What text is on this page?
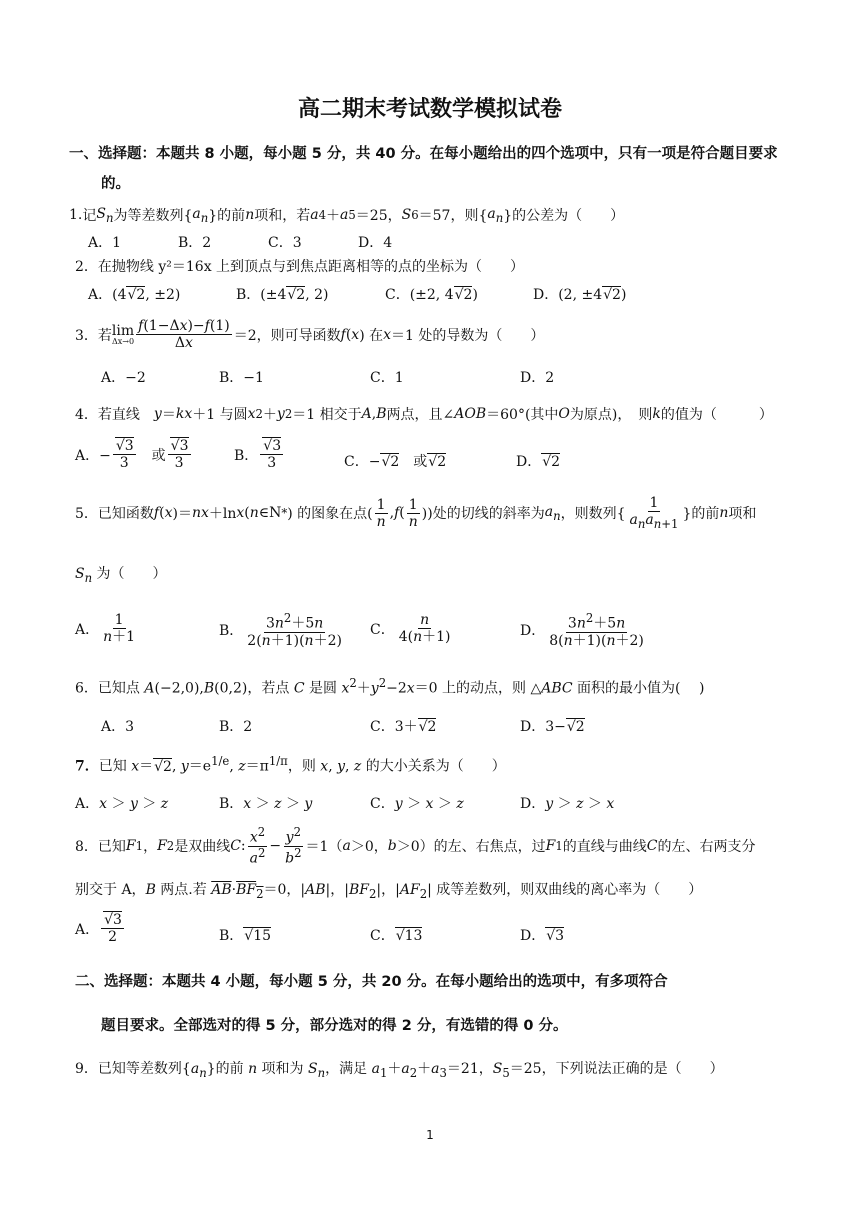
高二期末考试数学模拟试卷
一、选择题：本题共 8 小题，每小题 5 分，共 40 分。在每小题给出的四个选项中，只有一项是符合题目要求
的。
1. 记 $S_n$ 为等差数列{ $a_n$ }的前 n 项和，若 a 4 ＋ a 5 ＝25， S 6 ＝57，则{ $a_n$ }的公差为（　　）
A．1	B．2	C．3	D．4
2．在抛物线 y²＝16x 上到顶点与到焦点距离相等的点的坐标为（　　）
A．(4√2, ±2)	B．(±4√2, 2)	C．(±2, 4√2)	D．(2, ±4√2)
3． 若 lim
$\Delta x\to 0 \frac{f(1-\Delta x)-f(1)}{\Delta x} =2$，则可导函数 f ( x ) 在 x ＝1 处的导数为（　　）
A．−2	B．−1	C．1	D．2
4． 若直线　 y ＝ kx ＋1 与圆 x 2 ＋ y 2 ＝1 相交于 A , B 两点，且∠ AOB ＝60°(其中 O 为原点)，　则 k 的值为（　　　）
A．− $\frac{√3}{3}$ 　或 $\frac{√3}{3}$	B． $\frac{√3}{3}$	C．−√2　或√2	D．√2
5． 已知函数 f ( x )＝ nx ＋ln x ( n ∈N * ) 的图象在点( $\frac{1}{n}$ , f ( $\frac{1}{n}$ ))处的切线的斜率为 $a_n$ ，则数列{ $\frac{1}{a_na_{n+1}}$ }的前 n 项和
$S_n$ 为（　　）
A． $\frac{1}{n+1}$	B． $\frac{3n^2+5n}{2(n+1)(n+2)}$ C． $\frac{n}{4(n+1)}$	D． $\frac{3n^2+5n}{8(n+1)(n+2)}$
6．已知点 A(−2,0),B(0,2)，若点 C 是圆 $x^2+y^2-2x=0$ 上的动点，则 △ABC 面积的最小值为(　 )
A．3	B．2	C．3＋√2	D．3−√2
7．已知 x＝√2, $y=e^{1/e}$, $z=\pi^{1/\pi}$，则 x, y, z 的大小关系为（　　）
A．x ＞ y ＞ z	B．x ＞ z ＞ y	C．y ＞ x ＞ z	D．y ＞ z ＞ x
8． 已知 F 1 ， F 2 是双曲线 C : $\frac{x^2}{a^2} - \frac{y^2}{b^2} =1$（ a ＞0， b ＞0）的左、右焦点，过 F 1 的直线与曲线 C 的左、右两支分
别交于 A，B 两点.若 $\overline{AB}\cdot BF_2=0$，|AB|，$|BF_2|$，$|AF_2|$ 成等差数列，则双曲线的离心率为（　　）
A． $\frac{√3}{2}$	B．√15	C．√13	D．√3
二、选择题：本题共 4 小题，每小题 5 分，共 20 分。在每小题给出的选项中，有多项符合
题目要求。全部选对的得 5 分，部分选对的得 2 分，有选错的得 0 分。
9．已知等差数列$\{a_n\}$的前 n 项和为 $S_n$，满足 $a_1+a_2+a_3=21$，$S_5=25$，下列说法正确的是（　　）
1
